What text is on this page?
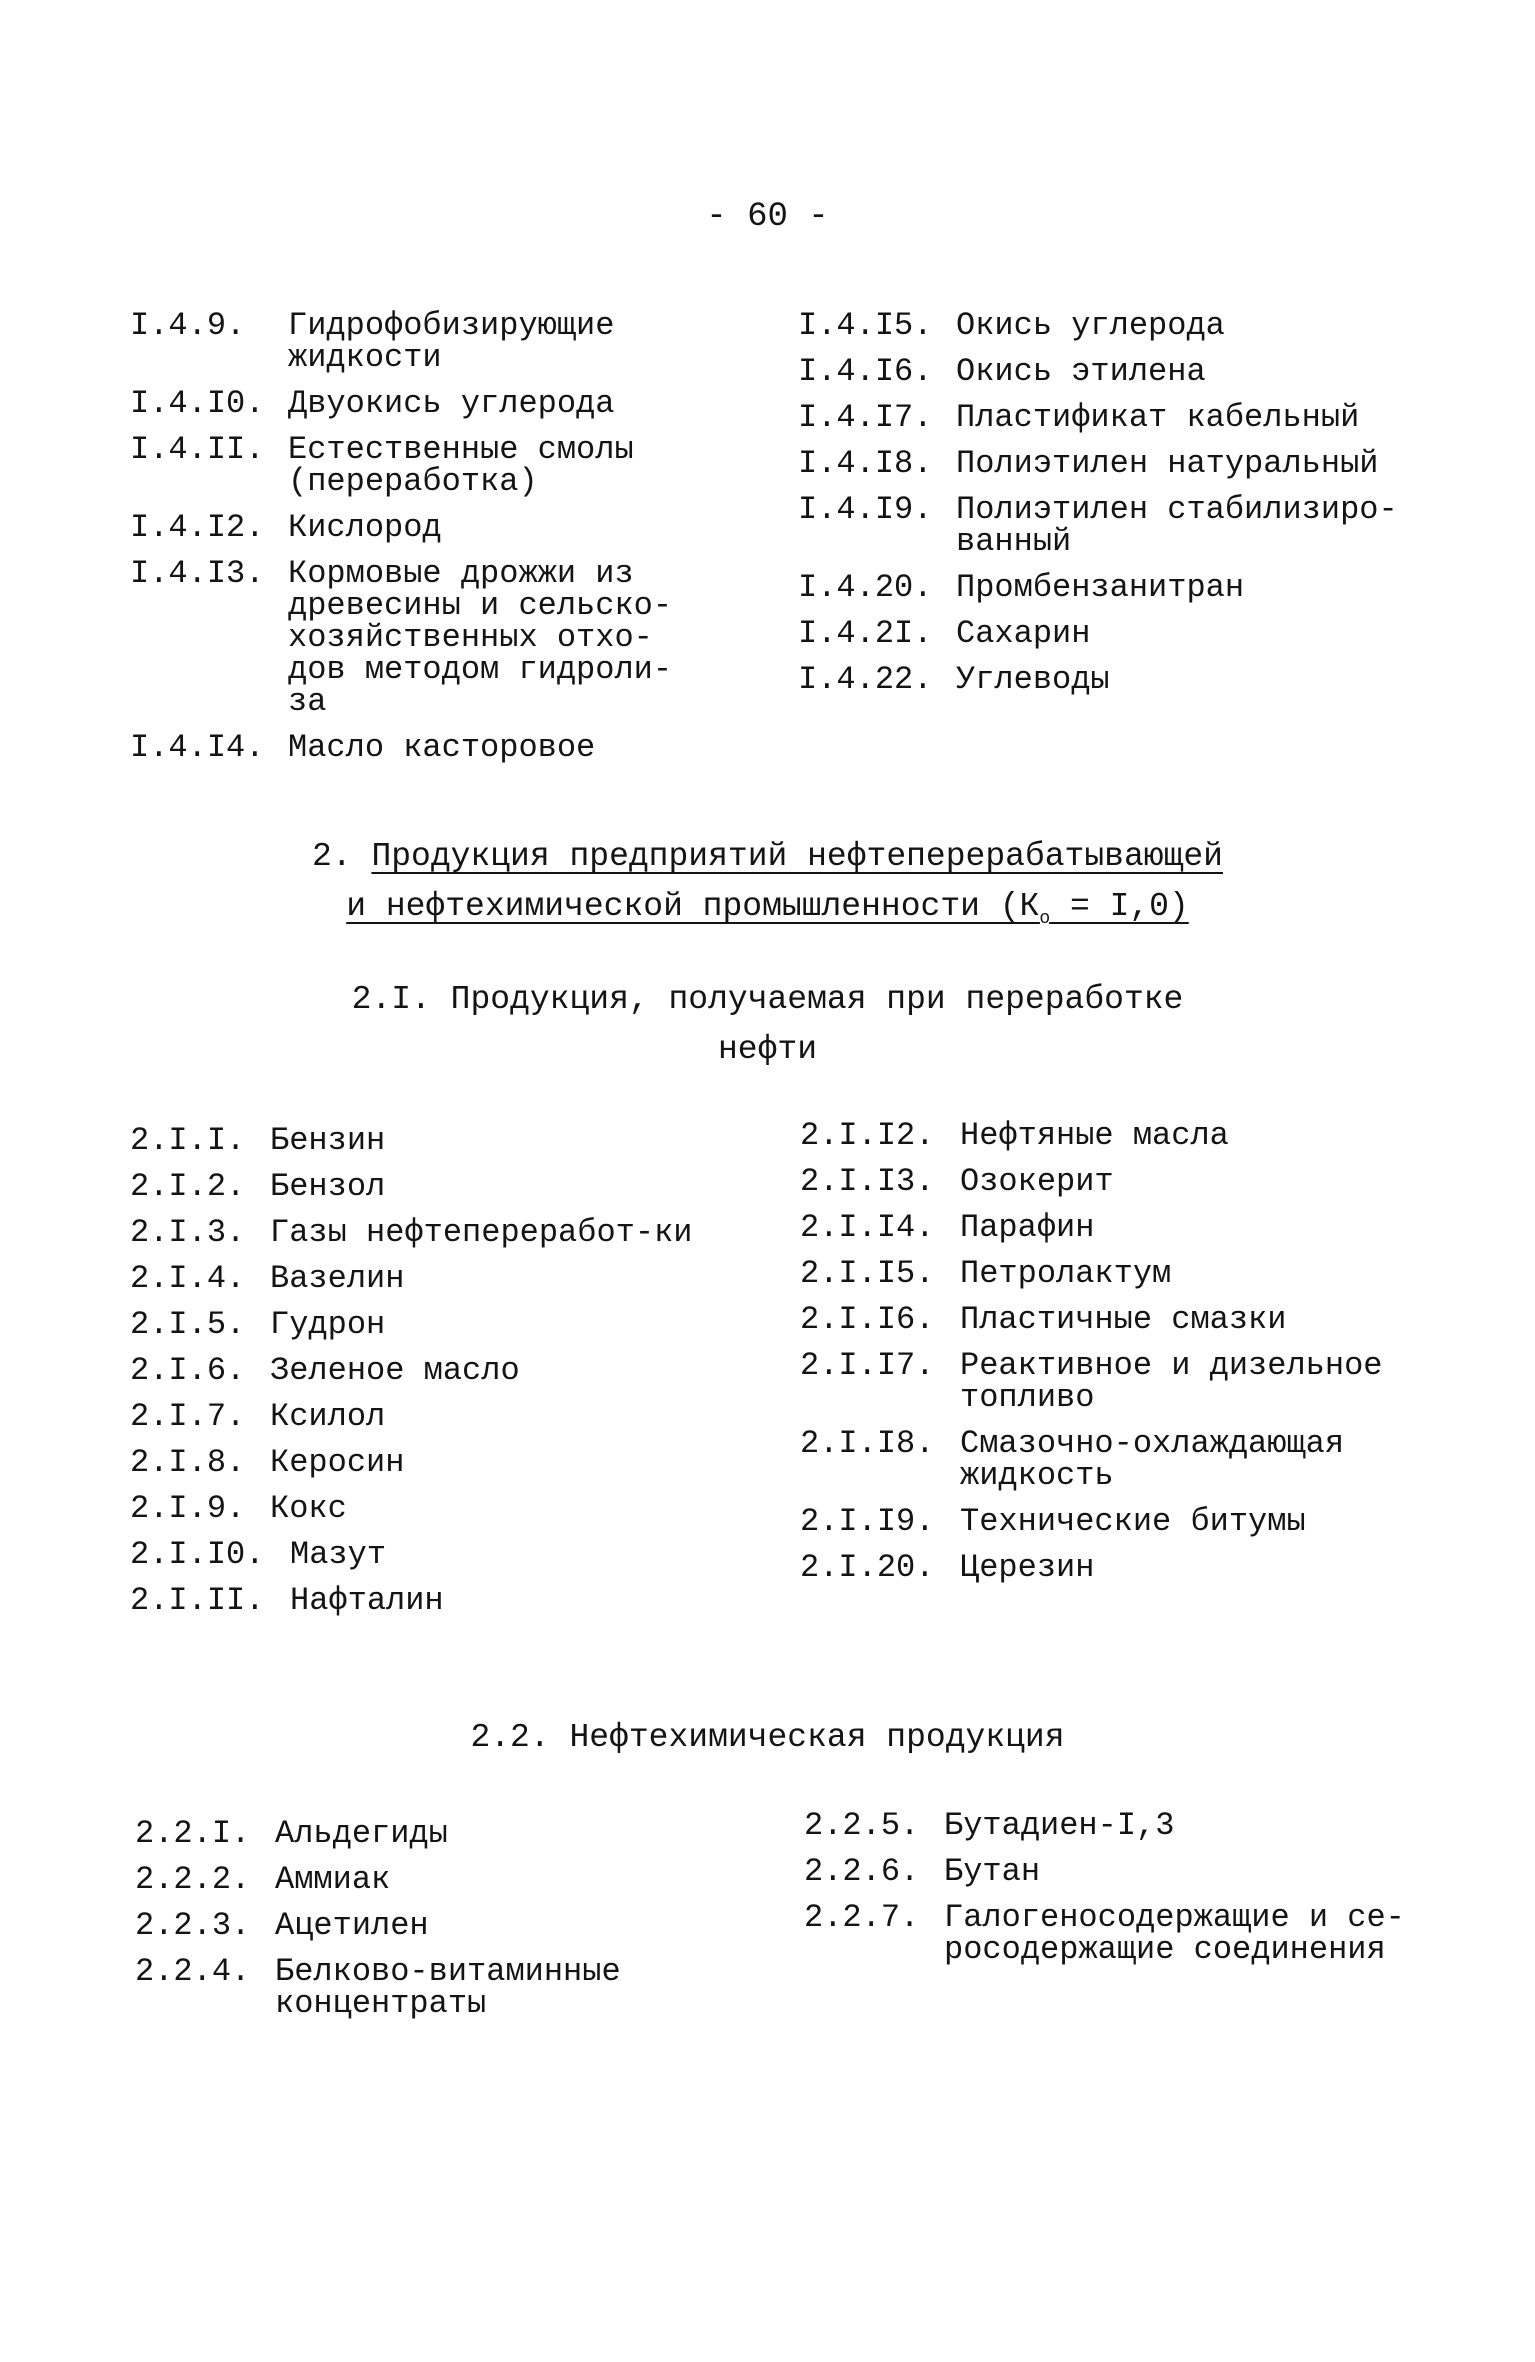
- 60 -
I.4.9.	Гидрофобизирующие жидкости
I.4.I0. Двуокись углерода
I.4.II. Естественные смолы (переработка)
I.4.I2. Кислород
I.4.I3. Кормовые дрожжи из древесины и сельско-хозяйственных отхо-дов методом гидроли-за
I.4.I4. Масло касторовое
I.4.I5. Окись углерода
I.4.I6. Окись этилена
I.4.I7. Пластификат кабельный
I.4.I8. Полиэтилен натуральный
I.4.I9. Полиэтилен стабилизиро-ванный
I.4.20. Промбензанитран
I.4.2I. Сахарин
I.4.22. Углеводы
2. Продукция предприятий нефтеперерабатывающей
и нефтехимической промышленности $(К_о = I,0)$
2.I. Продукция, получаемая при переработке
нефти
2.I.I. Бензин
2.I.2. Бензол
2.I.3. Газы нефтепереработ-ки
2.I.4. Вазелин
2.I.5. Гудрон
2.I.6. Зеленое масло
2.I.7. Ксилол
2.I.8. Керосин
2.I.9. Кокс
2.I.I0. Мазут
2.I.II. Нафталин
2.I.I2. Нефтяные масла
2.I.I3. Озокерит
2.I.I4. Парафин
2.I.I5. Петролактум
2.I.I6. Пластичные смазки
2.I.I7. Реактивное и дизельное топливо
2.I.I8. Смазочно-охлаждающая жидкость
2.I.I9. Технические битумы
2.I.20. Церезин
2.2. Нефтехимическая продукция
2.2.I. Альдегиды
2.2.2. Аммиак
2.2.3. Ацетилен
2.2.4. Белково-витаминные концентраты
2.2.5. Бутадиен-I,3
2.2.6. Бутан
2.2.7. Галогеносодержащие и се-росодержащие соединения
